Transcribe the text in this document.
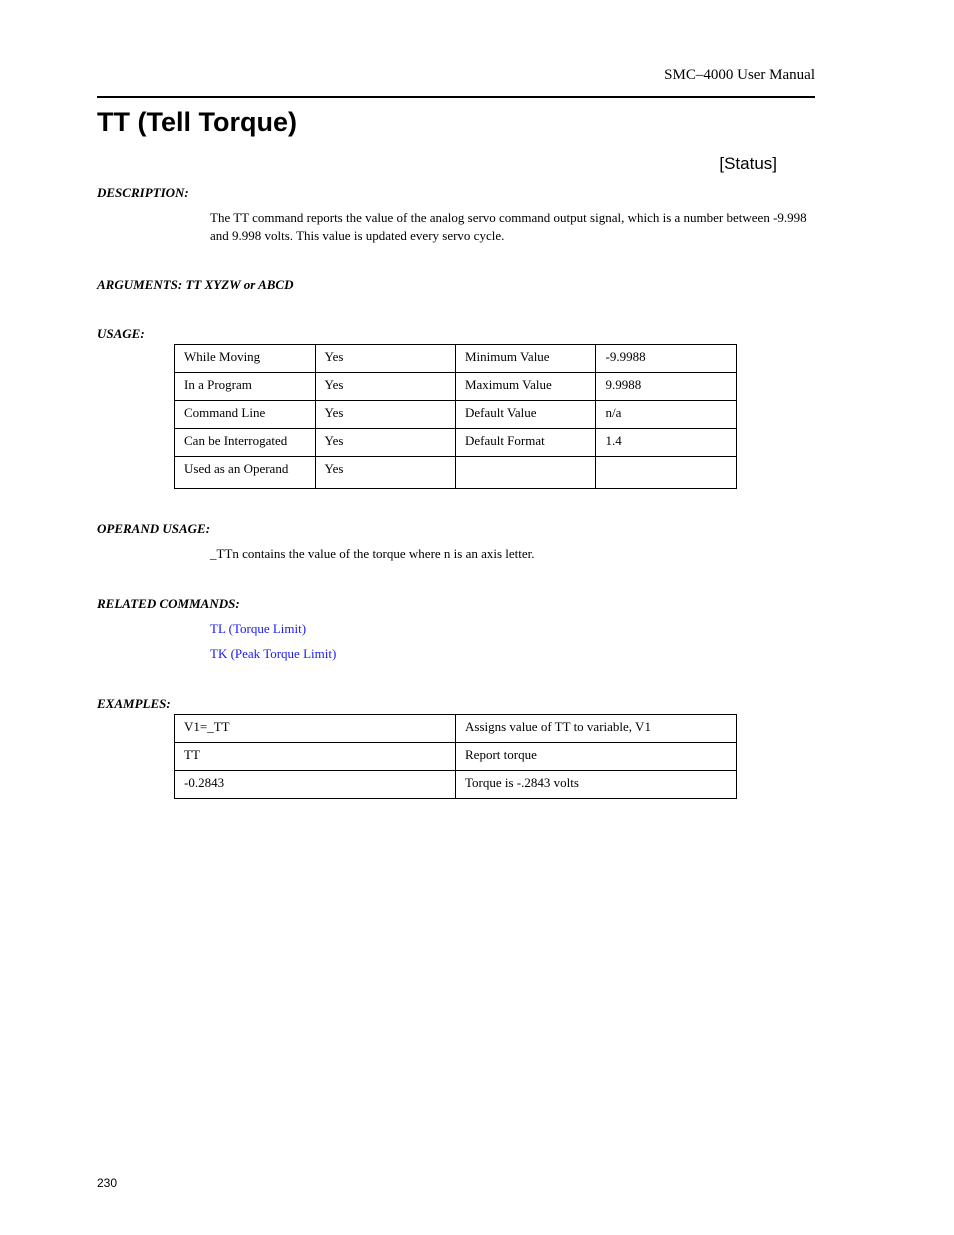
SMC–4000 User Manual
TT (Tell Torque)
[Status]
DESCRIPTION:
The TT command reports the value of the analog servo command output signal, which is a number between -9.998 and 9.998 volts. This value is updated every servo cycle.
ARGUMENTS: TT XYZW or ABCD
USAGE:
While Moving	Yes	Minimum Value	-9.9988
In a Program	Yes	Maximum Value	9.9988
Command Line	Yes	Default Value	n/a
Can be Interrogated	Yes	Default Format	1.4
Used as an Operand	Yes		
OPERAND USAGE:
_TTn contains the value of the torque where n is an axis letter.
RELATED COMMANDS:
TL (Torque Limit)
TK (Peak Torque Limit)
EXAMPLES:
V1=_TT	Assigns value of TT to variable, V1
TT	Report torque
-0.2843	Torque is -.2843 volts
230
